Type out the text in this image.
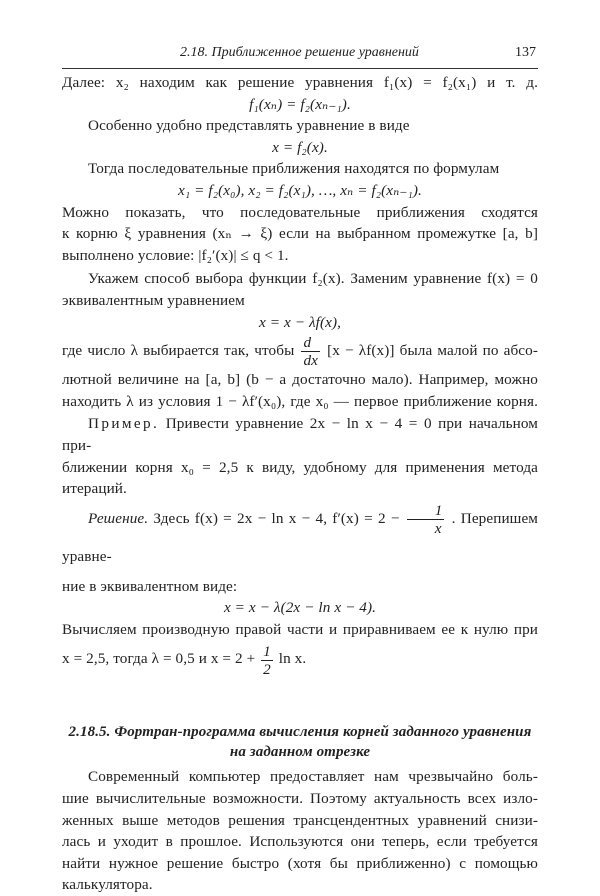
2.18. Приближенное решение уравнений	137

Далее: x₂ находим как решение уравнения f₁(x) = f₂(x₁) и т. д.

f₁(xₙ) = f₂(xₙ₋₁).

Особенно удобно представлять уравнение в виде

x = f₂(x).

Тогда последовательные приближения находятся по формулам

x₁ = f₂(x₀), x₂ = f₂(x₁), …, xₙ = f₂(xₙ₋₁).

Можно показать, что последовательные приближения сходятся

к корню ξ уравнения (xₙ → ξ) если на выбранном промежутке [a, b]

выполнено условие: |f₂′(x)| ≤ q < 1.

Укажем способ выбора функции f₂(x). Заменим уравнение f(x) = 0

эквивалентным уравнением

x = x − λf(x),

где число λ выбирается так, чтобы $\frac{d}{dx} [x - \lambda f(x)]$ была малой по абсо-

лютной величине на [a, b] (b − a достаточно мало). Например, можно

находить λ из условия 1 − λf′(x₀), где x₀ — первое приближение корня.

Пример. Привести уравнение 2x − ln x − 4 = 0 при начальном при-

ближении корня x₀ = 2,5 к виду, удобному для применения метода

итераций.

Решение. Здесь f(x) = 2x − ln x − 4, $f'(x) = 2 - \frac{1}{x}$ . Перепишем уравне-

ние в эквивалентном виде:

x = x − λ(2x − ln x − 4).

Вычисляем производную правой части и приравниваем ее к нулю при

x = 2,5, тогда λ = 0,5 и $x = 2 + \frac{1}{2}$ ln x.

2.18.5. Фортран-программа вычисления корней заданного уравнения на заданном отрезке

Современный компьютер предоставляет нам чрезвычайно боль-

шие вычислительные возможности. Поэтому актуальность всех изло-

женных выше методов решения трансцендентных уравнений снизи-

лась и уходит в прошлое. Используются они теперь, если требуется

найти нужное решение быстро (хотя бы приближенно) с помощью

калькулятора.
